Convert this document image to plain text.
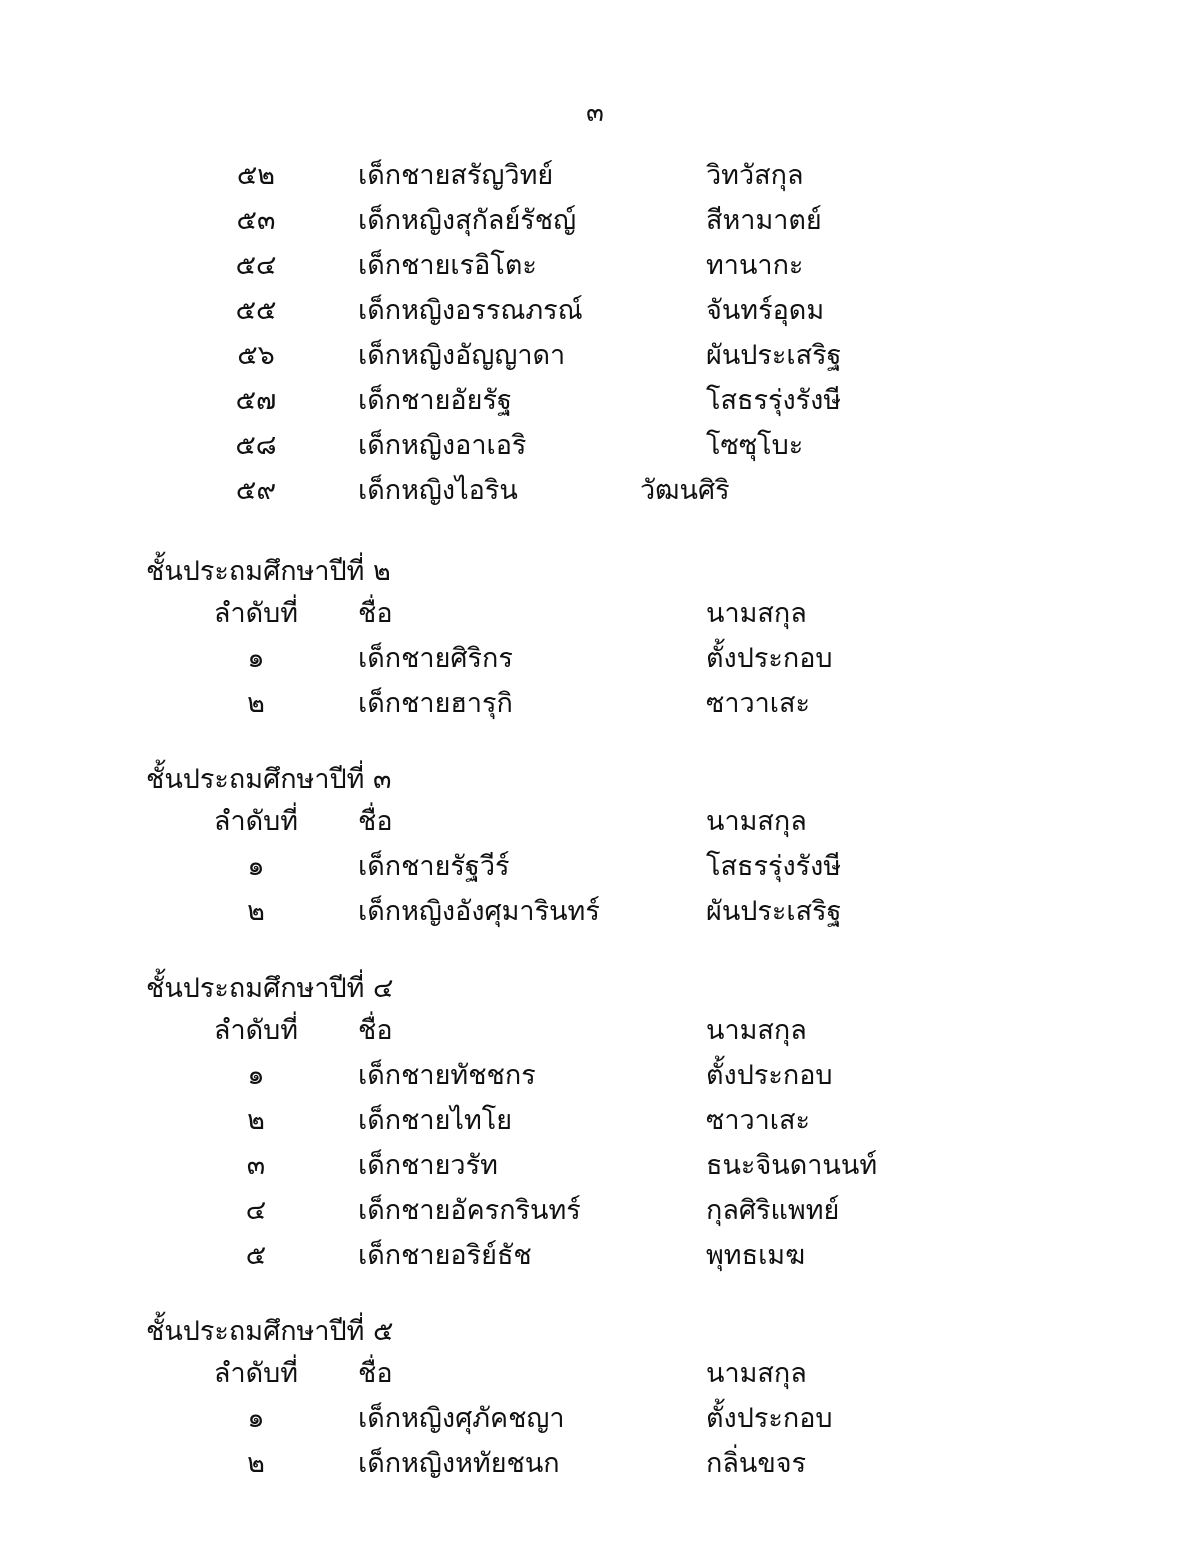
๓
๕๒	เด็กชายสรัญวิทย์	วิทวัสกุล
๕๓	เด็กหญิงสุกัลย์รัชญ์	สีหามาตย์
๕๔	เด็กชายเรอิโตะ	ทานากะ
๕๕	เด็กหญิงอรรณภรณ์	จันทร์อุดม
๕๖	เด็กหญิงอัญญาดา	ผันประเสริฐ
๕๗	เด็กชายอัยรัฐ	โสธรรุ่งรังษี
๕๘	เด็กหญิงอาเอริ	โซซุโบะ
๕๙	เด็กหญิงไอริน	วัฒนศิริ
ชั้นประถมศึกษาปีที่ ๒
ลำดับที่	ชื่อ	นามสกุล
๑	เด็กชายศิริกร	ตั้งประกอบ
๒	เด็กชายฮารุกิ	ซาวาเสะ
ชั้นประถมศึกษาปีที่ ๓
ลำดับที่	ชื่อ	นามสกุล
๑	เด็กชายรัฐวีร์	โสธรรุ่งรังษี
๒	เด็กหญิงอังศุมารินทร์	ผันประเสริฐ
ชั้นประถมศึกษาปีที่ ๔
ลำดับที่	ชื่อ	นามสกุล
๑	เด็กชายทัชชกร	ตั้งประกอบ
๒	เด็กชายไทโย	ซาวาเสะ
๓	เด็กชายวรัท	ธนะจินดานนท์
๔	เด็กชายอัครกรินทร์	กุลศิริแพทย์
๕	เด็กชายอริย์ธัช	พุทธเมฆ
ชั้นประถมศึกษาปีที่ ๕
ลำดับที่	ชื่อ	นามสกุล
๑	เด็กหญิงศุภัคชญา	ตั้งประกอบ
๒	เด็กหญิงหทัยชนก	กลิ่นขจร
